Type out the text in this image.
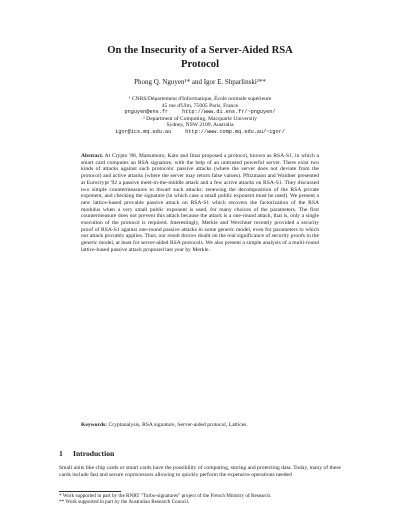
On the Insecurity of a Server-Aided RSA
Protocol
Phong Q. Nguyen¹* and Igor E. Shparlinski²**
¹ CNRS/Département d'Informatique, École normale supérieure
45 rue d'Ulm, 75005 Paris, France
pnguyen@ens.fr	http://www.di.ens.fr/~pnguyen/
² Department of Computing, Macquarie University
Sydney, NSW 2109, Australia
igor@ics.mq.edu.au	http://www.comp.mq.edu.au/~igor/
Abstract. At Crypto '88, Matsumoto, Kato and Imai proposed a protocol, known as RSA-S1, in which a smart card computes an RSA signature, with the help of an untrusted powerful server. There exist two kinds of attacks against such protocols: passive attacks (where the server does not deviate from the protocol) and active attacks (where the server may return false values). Pfitzmann and Waidner presented at Eurocrypt '92 a passive meet-in-the-middle attack and a few active attacks on RSA-S1. They discussed two simple countermeasures to thwart such attacks: renewing the decomposition of the RSA private exponent, and checking the signature (in which case a small public exponent must be used). We present a new lattice-based provable passive attack on RSA-S1 which recovers the factorization of the RSA modulus when a very small public exponent is used, for many choices of the parameters. The first countermeasure does not prevent this attack because the attack is a one-round attack, that is, only a single execution of the protocol is required. Interestingly, Merkle and Werchner recently provided a security proof of RSA-S1 against one-round passive attacks in some generic model, even for parameters to which our attack provably applies. Thus, our result throws doubt on the real significance of security proofs in the generic model, at least for server-aided RSA protocols. We also present a simple analysis of a multi-round lattice-based passive attack proposed last year by Merkle.
Keywords: Cryptanalysis, RSA signature, Server-aided protocol, Lattices.
1 Introduction
Small units like chip cards or smart cards have the possibility of computing, storing and protecting data. Today, many of these cards include fast and secure coprocessors allowing to quickly perform the expensive operations needed

* Work supported in part by the RNRT "Turbo-signatures" project of the French Ministry of Research.

** Work supported in part by the Australian Research Council.
